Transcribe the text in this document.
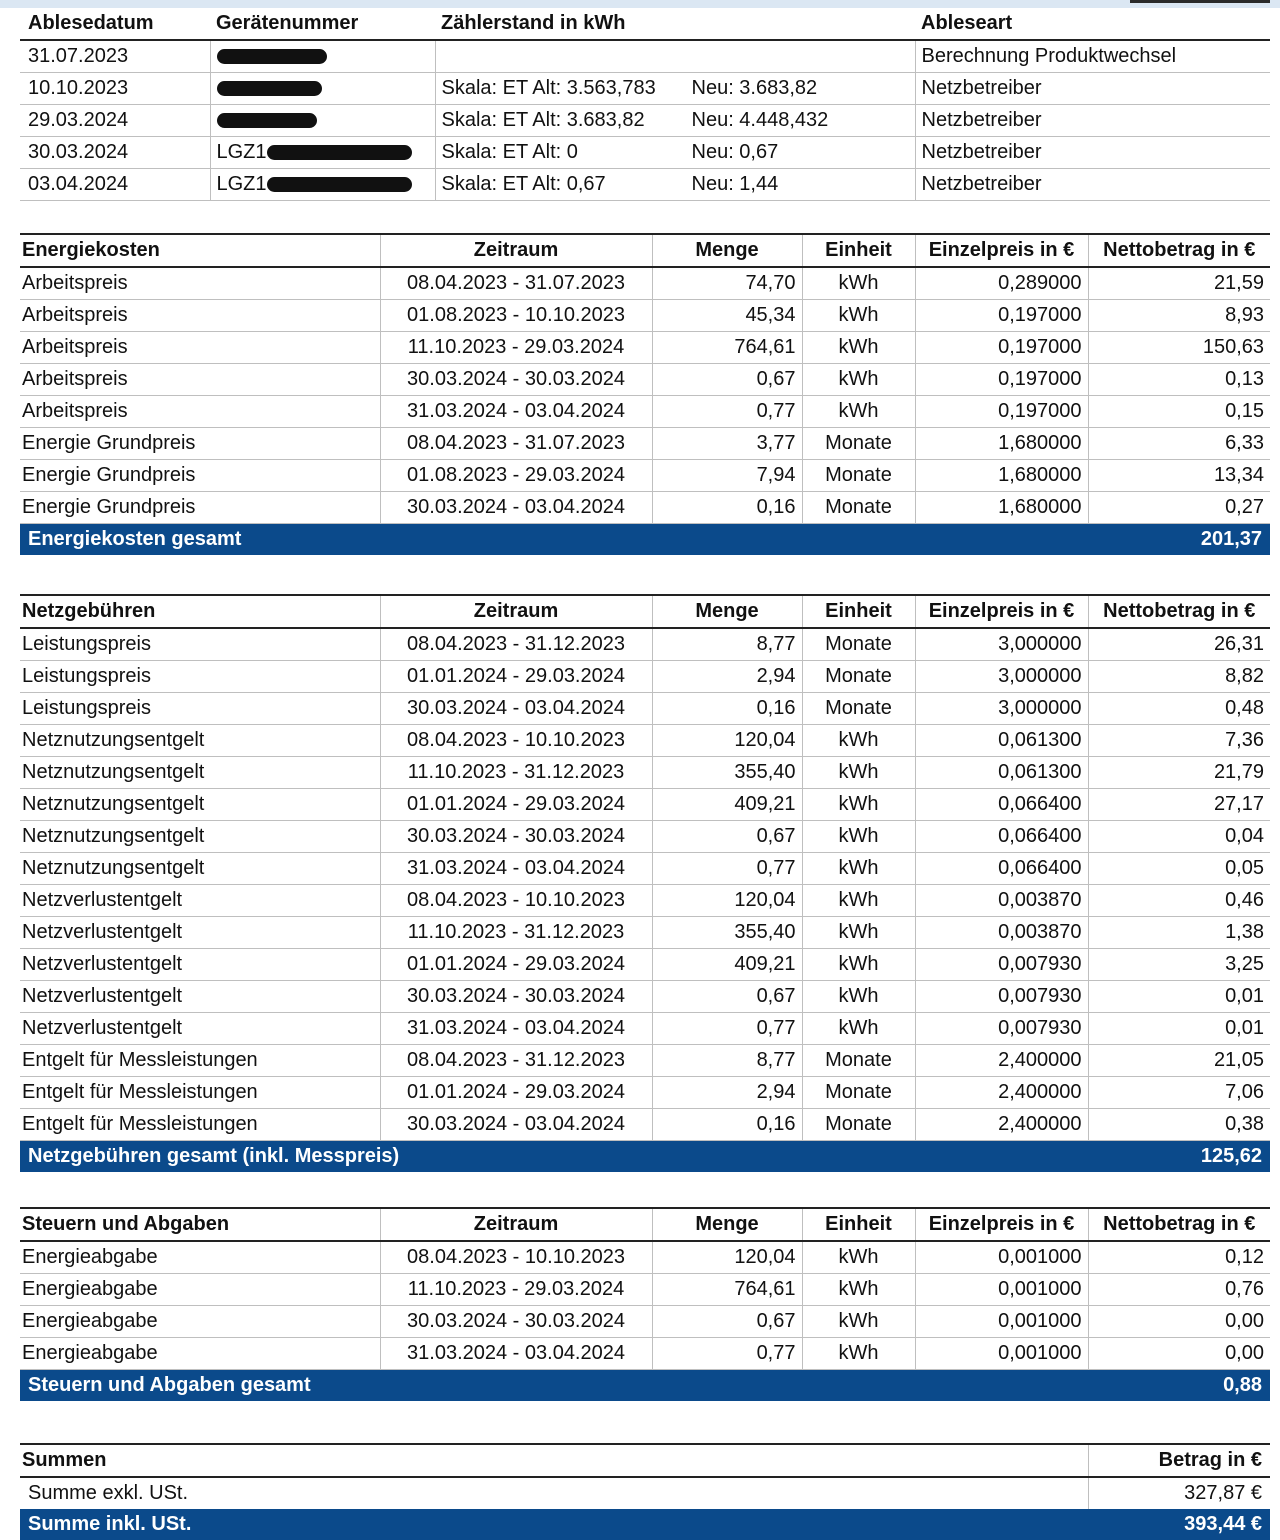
Ablesedatum	Gerätenummer	Zählerstand in kWh	Ableseart
31.07.2023			Berechnung Produktwechsel
10.10.2023		Skala: ET Alt: 3.563,783 Neu: 3.683,82	Netzbetreiber
29.03.2024		Skala: ET Alt: 3.683,82 Neu: 4.448,432	Netzbetreiber
30.03.2024	LGZ1	Skala: ET Alt: 0 Neu: 0,67	Netzbetreiber
03.04.2024	LGZ1	Skala: ET Alt: 0,67 Neu: 1,44	Netzbetreiber
Energiekosten	Zeitraum	Menge	Einheit	Einzelpreis in €	Nettobetrag in €
Arbeitspreis	08.04.2023 - 31.07.2023	74,70	kWh	0,289000	21,59
Arbeitspreis	01.08.2023 - 10.10.2023	45,34	kWh	0,197000	8,93
Arbeitspreis	11.10.2023 - 29.03.2024	764,61	kWh	0,197000	150,63
Arbeitspreis	30.03.2024 - 30.03.2024	0,67	kWh	0,197000	0,13
Arbeitspreis	31.03.2024 - 03.04.2024	0,77	kWh	0,197000	0,15
Energie Grundpreis	08.04.2023 - 31.07.2023	3,77	Monate	1,680000	6,33
Energie Grundpreis	01.08.2023 - 29.03.2024	7,94	Monate	1,680000	13,34
Energie Grundpreis	30.03.2024 - 03.04.2024	0,16	Monate	1,680000	0,27
Energiekosten gesamt					201,37
Netzgebühren	Zeitraum	Menge	Einheit	Einzelpreis in €	Nettobetrag in €
Leistungspreis	08.04.2023 - 31.12.2023	8,77	Monate	3,000000	26,31
Leistungspreis	01.01.2024 - 29.03.2024	2,94	Monate	3,000000	8,82
Leistungspreis	30.03.2024 - 03.04.2024	0,16	Monate	3,000000	0,48
Netznutzungsentgelt	08.04.2023 - 10.10.2023	120,04	kWh	0,061300	7,36
Netznutzungsentgelt	11.10.2023 - 31.12.2023	355,40	kWh	0,061300	21,79
Netznutzungsentgelt	01.01.2024 - 29.03.2024	409,21	kWh	0,066400	27,17
Netznutzungsentgelt	30.03.2024 - 30.03.2024	0,67	kWh	0,066400	0,04
Netznutzungsentgelt	31.03.2024 - 03.04.2024	0,77	kWh	0,066400	0,05
Netzverlustentgelt	08.04.2023 - 10.10.2023	120,04	kWh	0,003870	0,46
Netzverlustentgelt	11.10.2023 - 31.12.2023	355,40	kWh	0,003870	1,38
Netzverlustentgelt	01.01.2024 - 29.03.2024	409,21	kWh	0,007930	3,25
Netzverlustentgelt	30.03.2024 - 30.03.2024	0,67	kWh	0,007930	0,01
Netzverlustentgelt	31.03.2024 - 03.04.2024	0,77	kWh	0,007930	0,01
Entgelt für Messleistungen	08.04.2023 - 31.12.2023	8,77	Monate	2,400000	21,05
Entgelt für Messleistungen	01.01.2024 - 29.03.2024	2,94	Monate	2,400000	7,06
Entgelt für Messleistungen	30.03.2024 - 03.04.2024	0,16	Monate	2,400000	0,38
Netzgebühren gesamt (inkl. Messpreis)					125,62
Steuern und Abgaben	Zeitraum	Menge	Einheit	Einzelpreis in €	Nettobetrag in €
Energieabgabe	08.04.2023 - 10.10.2023	120,04	kWh	0,001000	0,12
Energieabgabe	11.10.2023 - 29.03.2024	764,61	kWh	0,001000	0,76
Energieabgabe	30.03.2024 - 30.03.2024	0,67	kWh	0,001000	0,00
Energieabgabe	31.03.2024 - 03.04.2024	0,77	kWh	0,001000	0,00
Steuern und Abgaben gesamt					0,88
Summen	Betrag in €
Summe exkl. USt.	327,87 €
Summe inkl. USt.	393,44 €
